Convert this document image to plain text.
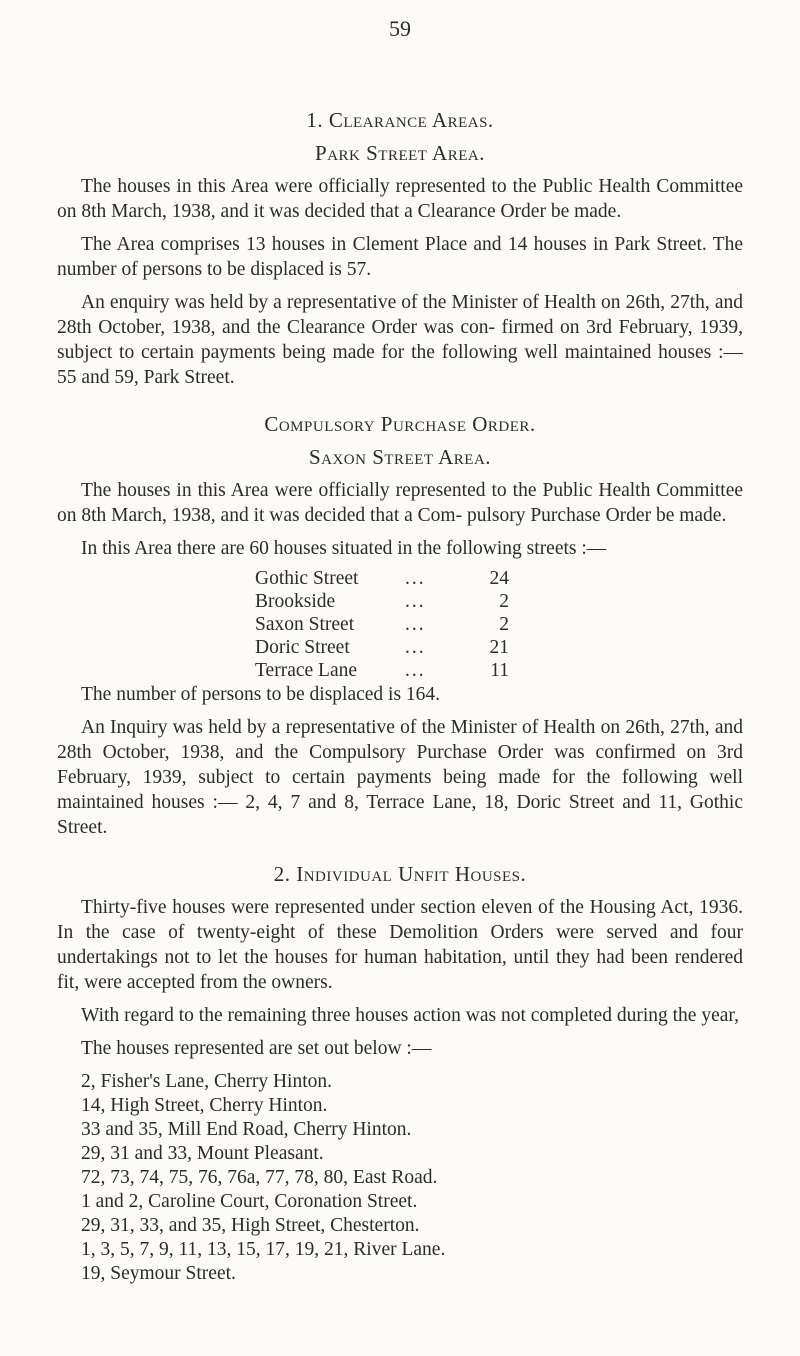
59
1. Clearance Areas.
Park Street Area.

The houses in this Area were officially represented to the Public Health Committee on 8th March, 1938, and it was decided that a Clearance Order be made.

The Area comprises 13 houses in Clement Place and 14 houses in Park Street. The number of persons to be displaced is 57.

An enquiry was held by a representative of the Minister of Health on 26th, 27th, and 28th October, 1938, and the Clearance Order was con- firmed on 3rd February, 1939, subject to certain payments being made for the following well maintained houses :— 55 and 59, Park Street.

Compulsory Purchase Order.
Saxon Street Area.

The houses in this Area were officially represented to the Public Health Committee on 8th March, 1938, and it was decided that a Com- pulsory Purchase Order be made.

In this Area there are 60 houses situated in the following streets :—

Gothic Street	...	24
Brookside	...	2
Saxon Street	...	2
Doric Street	...	21
Terrace Lane	...	11

The number of persons to be displaced is 164.

An Inquiry was held by a representative of the Minister of Health on 26th, 27th, and 28th October, 1938, and the Compulsory Purchase Order was confirmed on 3rd February, 1939, subject to certain payments being made for the following well maintained houses :— 2, 4, 7 and 8, Terrace Lane, 18, Doric Street and 11, Gothic Street.

2. Individual Unfit Houses.

Thirty-five houses were represented under section eleven of the Housing Act, 1936. In the case of twenty-eight of these Demolition Orders were served and four undertakings not to let the houses for human habitation, until they had been rendered fit, were accepted from the owners.

With regard to the remaining three houses action was not completed during the year,

The houses represented are set out below :—

2, Fisher's Lane, Cherry Hinton.

14, High Street, Cherry Hinton.

33 and 35, Mill End Road, Cherry Hinton.

29, 31 and 33, Mount Pleasant.

72, 73, 74, 75, 76, 76a, 77, 78, 80, East Road.

1 and 2, Caroline Court, Coronation Street.

29, 31, 33, and 35, High Street, Chesterton.

1, 3, 5, 7, 9, 11, 13, 15, 17, 19, 21, River Lane.

19, Seymour Street.
